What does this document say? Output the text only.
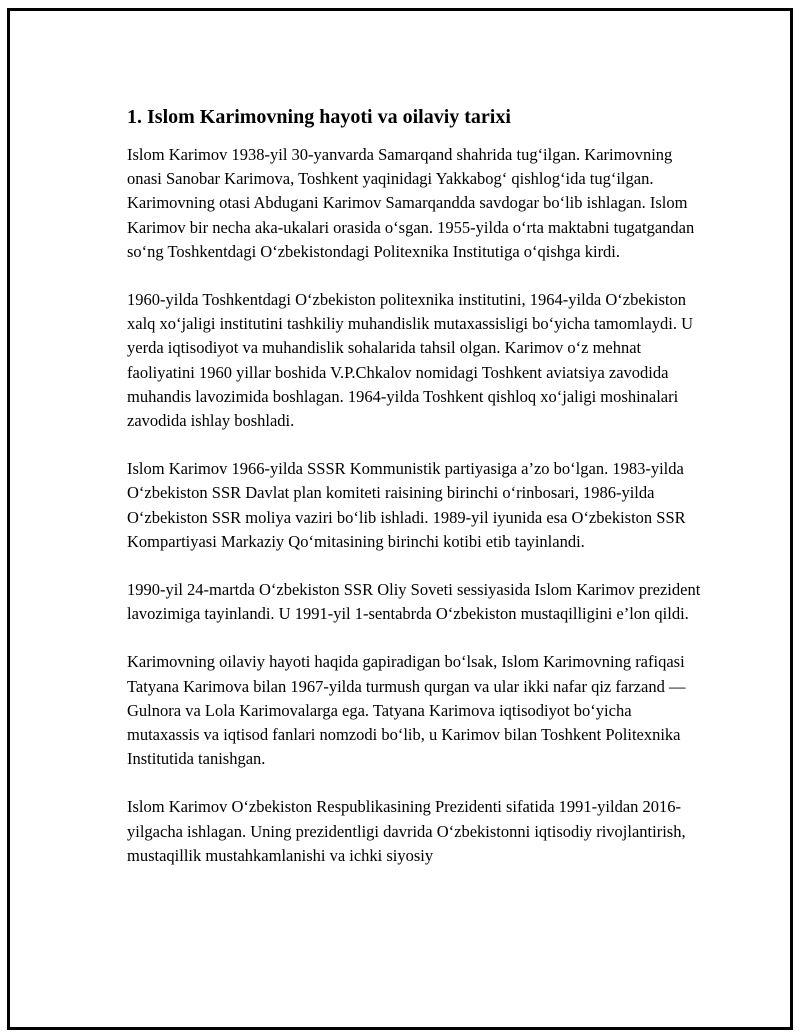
1. Islom Karimovning hayoti va oilaviy tarixi

Islom Karimov 1938-yil 30-yanvarda Samarqand shahrida tug‘ilgan. Karimovning onasi Sanobar Karimova, Toshkent yaqinidagi Yakkabog‘ qishlog‘ida tug‘ilgan. Karimovning otasi Abdugani Karimov Samarqandda savdogar bo‘lib ishlagan. Islom Karimov bir necha aka-ukalari orasida o‘sgan. 1955-yilda o‘rta maktabni tugatgandan so‘ng Toshkentdagi O‘zbekistondagi Politexnika Institutiga o‘qishga kirdi.

1960-yilda Toshkentdagi O‘zbekiston politexnika institutini, 1964-yilda O‘zbekiston xalq xo‘jaligi institutini tashkiliy muhandislik mutaxassisligi bo‘yicha tamomlaydi. U yerda iqtisodiyot va muhandislik sohalarida tahsil olgan. Karimov o‘z mehnat faoliyatini 1960 yillar boshida V.P.Chkalov nomidagi Toshkent aviatsiya zavodida muhandis lavozimida boshlagan. 1964-yilda Toshkent qishloq xo‘jaligi moshinalari zavodida ishlay boshladi.

Islom Karimov 1966-yilda SSSR Kommunistik partiyasiga a’zo bo‘lgan. 1983-yilda O‘zbekiston SSR Davlat plan komiteti raisining birinchi o‘rinbosari, 1986-yilda O‘zbekiston SSR moliya vaziri bo‘lib ishladi. 1989-yil iyunida esa O‘zbekiston SSR Kompartiyasi Markaziy Qo‘mitasining birinchi kotibi etib tayinlandi.

1990-yil 24-martda O‘zbekiston SSR Oliy Soveti sessiyasida Islom Karimov prezident lavozimiga tayinlandi. U 1991-yil 1-sentabrda O‘zbekiston mustaqilligini e’lon qildi.

Karimovning oilaviy hayoti haqida gapiradigan bo‘lsak, Islom Karimovning rafiqasi Tatyana Karimova bilan 1967-yilda turmush qurgan va ular ikki nafar qiz farzand — Gulnora va Lola Karimovalarga ega. Tatyana Karimova iqtisodiyot bo‘yicha mutaxassis va iqtisod fanlari nomzodi bo‘lib, u Karimov bilan Toshkent Politexnika Institutida tanishgan.

Islom Karimov O‘zbekiston Respublikasining Prezidenti sifatida 1991-yildan 2016-yilgacha ishlagan. Uning prezidentligi davrida O‘zbekistonni iqtisodiy rivojlantirish, mustaqillik mustahkamlanishi va ichki siyosiy
